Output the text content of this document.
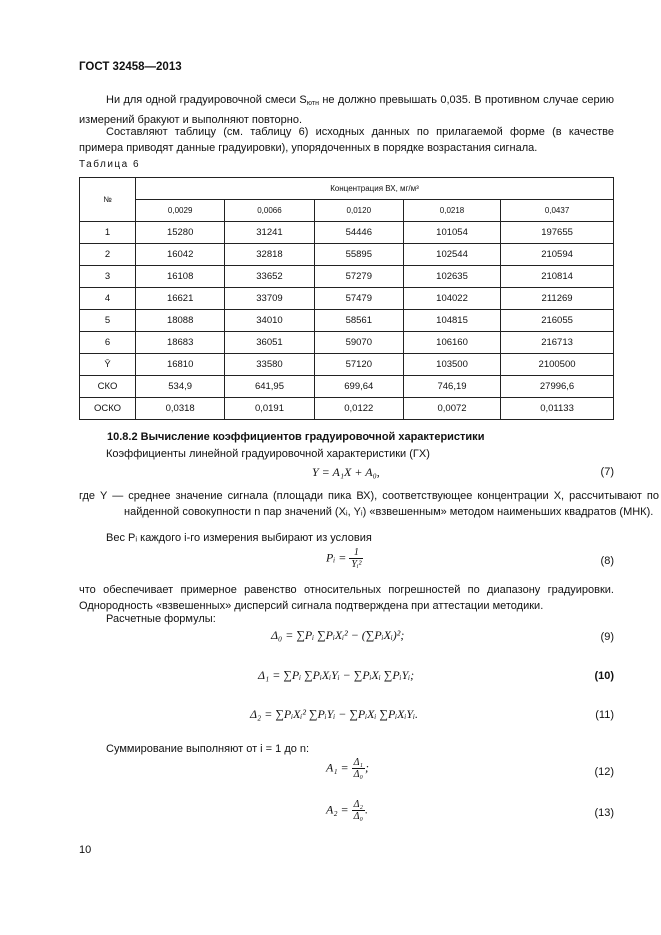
ГОСТ 32458—2013
Ни для одной градуировочной смеси $S_{ютн}$ не должно превышать 0,035. В противном случае серию измерений бракуют и выполняют повторно.
Составляют таблицу (см. таблицу 6) исходных данных по прилагаемой форме (в качестве примера приводят данные градуировки), упорядоченных в порядке возрастания сигнала.
Таблица 6
№	Концентрация ВХ, мг/м³				
	0,0029	0,0066	0,0120	0,0218	0,0437
1	15280	31241	54446	101054	197655
2	16042	32818	55895	102544	210594
3	16108	33652	57279	102635	210814
4	16621	33709	57479	104022	211269
5	18088	34010	58561	104815	216055
6	18683	36051	59070	106160	216713
Ȳ	16810	33580	57120	103500	2100500
СКО	534,9	641,95	699,64	746,19	27996,6
ОСКО	0,0318	0,0191	0,0122	0,0072	0,01133
10.8.2 Вычисление коэффициентов градуировочной характеристики
Коэффициенты линейной градуировочной характеристики (ГХ)
Y = A₁X + A₀,	(7)
где Y — среднее значение сигнала (площади пика ВХ), соответствующее концентрации X, рассчитывают по найденной совокупности n пар значений (Xᵢ, Yᵢ) «взвешенным» методом наименьших квадратов (МНК).
Вес Pᵢ каждого i-го измерения выбирают из условия
Pᵢ = $\frac{1}{\text{Yᵢ²}}$	(8)
что обеспечивает примерное равенство относительных погрешностей по диапазону градуировки. Однородность «взвешенных» дисперсий сигнала подтверждена при аттестации методики.
Расчетные формулы:
Δ₀ = ∑Pᵢ ∑PᵢXᵢ² − (∑PᵢXᵢ)²;	(9)
Δ₁ = ∑Pᵢ ∑PᵢXᵢYᵢ − ∑PᵢXᵢ ∑PᵢYᵢ;	(10)
Δ₂ = ∑PᵢXᵢ² ∑PᵢYᵢ − ∑PᵢXᵢ ∑PᵢXᵢYᵢ.	(11)
Суммирование выполняют от i = 1 до n:
$A_1 = \frac{\text{Δ₁}}{\text{Δ₀}}$ ;	(12)
$A_2 = \frac{\text{Δ₂}}{\text{Δ₀}}$ .	(13)
10
